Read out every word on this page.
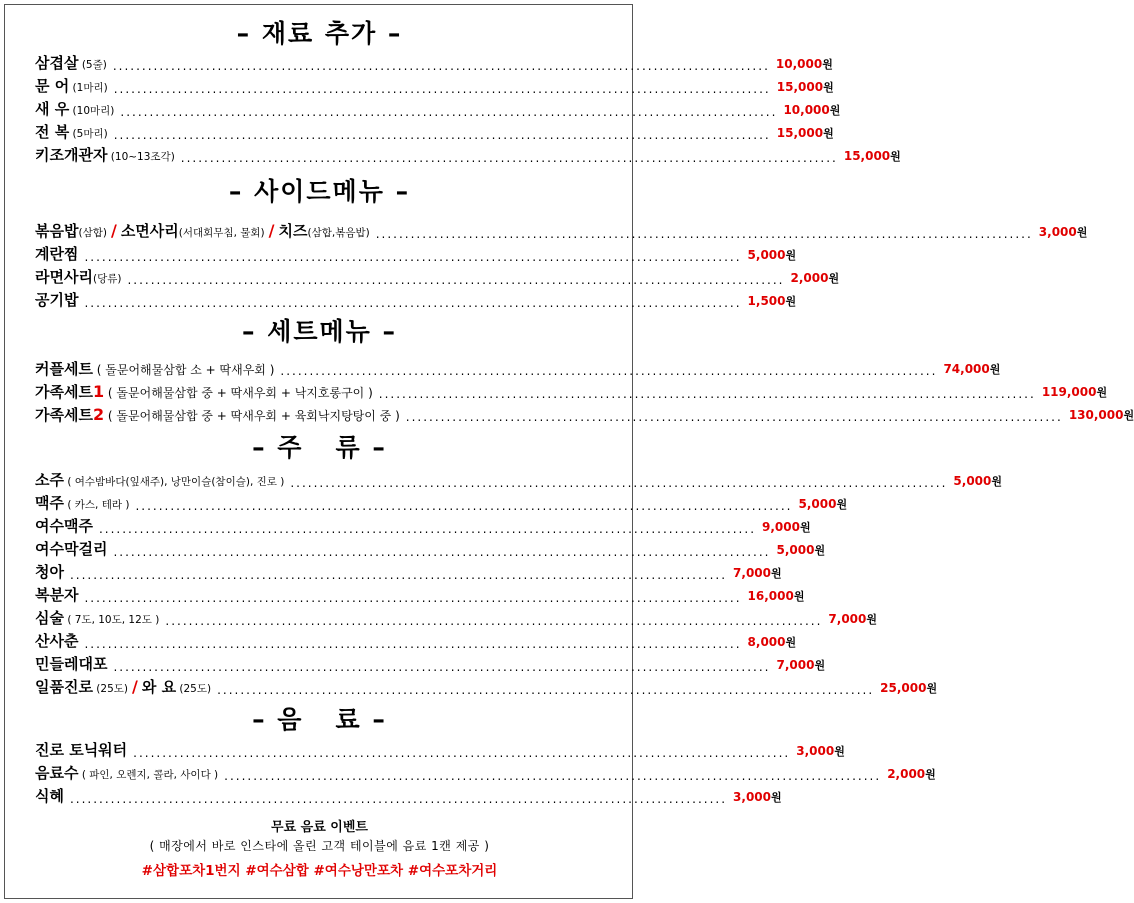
– 재료 추가 –
삼겹살 (5줄) ................................................................................................................. 10,000원
문 어 (1마리) ................................................................................................................. 15,000원
새 우 (10마리) ................................................................................................................. 10,000원
전 복 (5마리) ................................................................................................................. 15,000원
키조개관자 (10~13조각) ................................................................................................................. 15,000원
– 사이드메뉴 –
볶음밥(삼합) / 소면사리(서대회무침, 물회) / 치즈(삼합,볶음밥) ................................................................................................................. 3,000원
계란찜 ................................................................................................................. 5,000원
라면사리(당류) ................................................................................................................. 2,000원
공기밥 ................................................................................................................. 1,500원
– 세트메뉴 –
커플세트 ( 돌문어해물삼합 소 + 딱새우회 ) ................................................................................................................. 74,000원
가족세트1 ( 돌문어해물삼합 중 + 딱새우회 + 낙지호롱구이 ) ................................................................................................................. 119,000원
가족세트2 ( 돌문어해물삼합 중 + 딱새우회 + 육회낙지탕탕이 중 ) ................................................................................................................. 130,000원
– 주   류 –
소주 ( 여수밤바다(잎새주), 낭만이슬(참이슬), 진로 ) ................................................................................................................. 5,000원
맥주 ( 카스, 테라 ) ................................................................................................................. 5,000원
여수맥주 ................................................................................................................. 9,000원
여수막걸리 ................................................................................................................. 5,000원
청아 ................................................................................................................. 7,000원
복분자 ................................................................................................................. 16,000원
심술 ( 7도, 10도, 12도 ) ................................................................................................................. 7,000원
산사춘 ................................................................................................................. 8,000원
민들레대포 ................................................................................................................. 7,000원
일품진로 (25도) / 와 요 (25도) ................................................................................................................. 25,000원
– 음   료 –
진로 토닉워터 ................................................................................................................. 3,000원
음료수 ( 파인, 오렌지, 콜라, 사이다 ) ................................................................................................................. 2,000원
식혜 ................................................................................................................. 3,000원
무료 음료 이벤트
( 매장에서 바로 인스타에 올린 고객 테이블에 음료 1캔 제공 )
#삼합포차1번지 #여수삼합 #여수낭만포차 #여수포차거리
